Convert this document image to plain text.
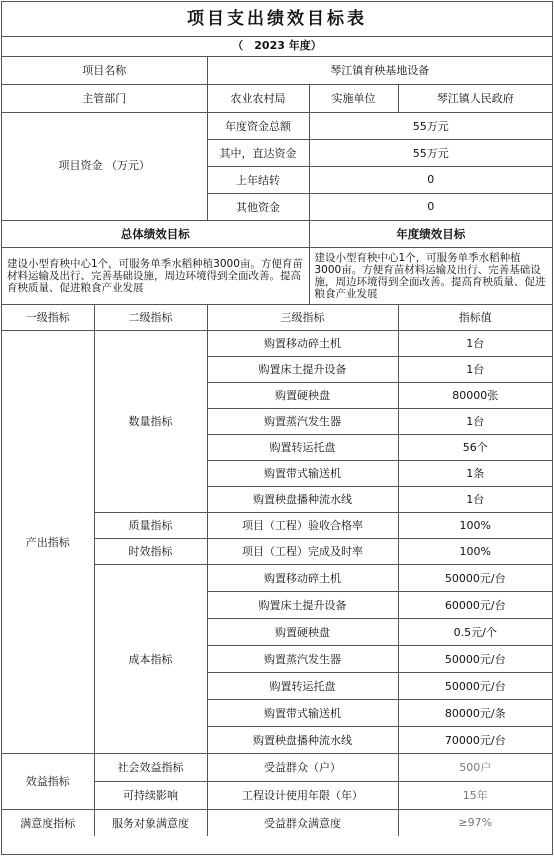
项目支出绩效目标表
（　2023 年度）
项目名称		琴江镇育秧基地设备		
主管部门		农业农村局	实施单位	琴江镇人民政府
项目资金 （万元）		年度资金总额	55万元	
		其中，直达资金	55万元	
		上年结转	0	
		其他资金	0	
总体绩效目标			年度绩效目标	
建设小型育秧中心1个，可服务单季水稻种植3000亩。方便育苗材料运输及出行、完善基础设施，周边环境得到全面改善。提高育秧质量、促进粮食产业发展			建设小型育秧中心1个，可服务单季水稻种植3000亩。方便育苗材料运输及出行、完善基础设施，周边环境得到全面改善。提高育秧质量、促进粮食产业发展	
一级指标	二级指标	三级指标		指标值
产出指标	数量指标	购置移动碎土机		1台
		购置床土提升设备		1台
		购置硬秧盘		80000张
		购置蒸汽发生器		1台
		购置转运托盘		56个
		购置带式输送机		1条
		购置秧盘播种流水线		1台
	质量指标	项目（工程）验收合格率		100%
	时效指标	项目（工程）完成及时率		100%
	成本指标	购置移动碎土机		50000元/台
		购置床土提升设备		60000元/台
		购置硬秧盘		0.5元/个
		购置蒸汽发生器		50000元/台
		购置转运托盘		50000元/台
		购置带式输送机		80000元/条
		购置秧盘播种流水线		70000元/台
效益指标	社会效益指标	受益群众（户）		500户
	可持续影响	工程设计使用年限（年）		15年
满意度指标	服务对象满意度	受益群众满意度		≥97%
